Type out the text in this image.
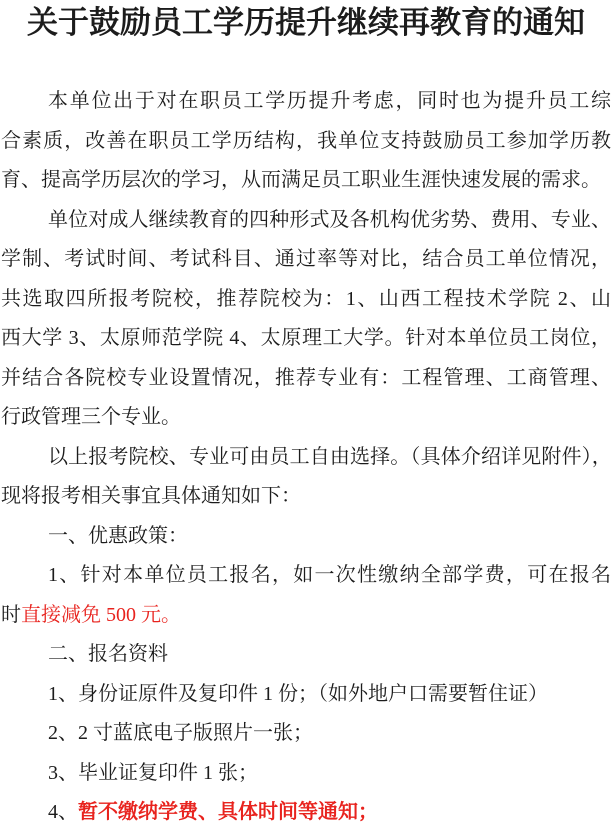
关于鼓励员工学历提升继续再教育的通知
本单位出于对在职员工学历提升考虑，同时也为提升员工综
合素质，改善在职员工学历结构，我单位支持鼓励员工参加学历教
育、提高学历层次的学习，从而满足员工职业生涯快速发展的需求。
单位对成人继续教育的四种形式及各机构优劣势、费用、专业、
学制、考试时间、考试科目、通过率等对比，结合员工单位情况，
共选取四所报考院校，推荐院校为：1、山西工程技术学院 2、山
西大学 3、太原师范学院 4、太原理工大学。针对本单位员工岗位，
并结合各院校专业设置情况，推荐专业有：工程管理、工商管理、
行政管理三个专业。
以上报考院校、专业可由员工自由选择。（具体介绍详见附件），
现将报考相关事宜具体通知如下：
一、优惠政策：
1、针对本单位员工报名，如一次性缴纳全部学费，可在报名
时直接减免 500 元。
二、报名资料
1、身份证原件及复印件 1 份；（如外地户口需要暂住证）
2、2 寸蓝底电子版照片一张；
3、毕业证复印件 1 张；
4、暂不缴纳学费、具体时间等通知；
